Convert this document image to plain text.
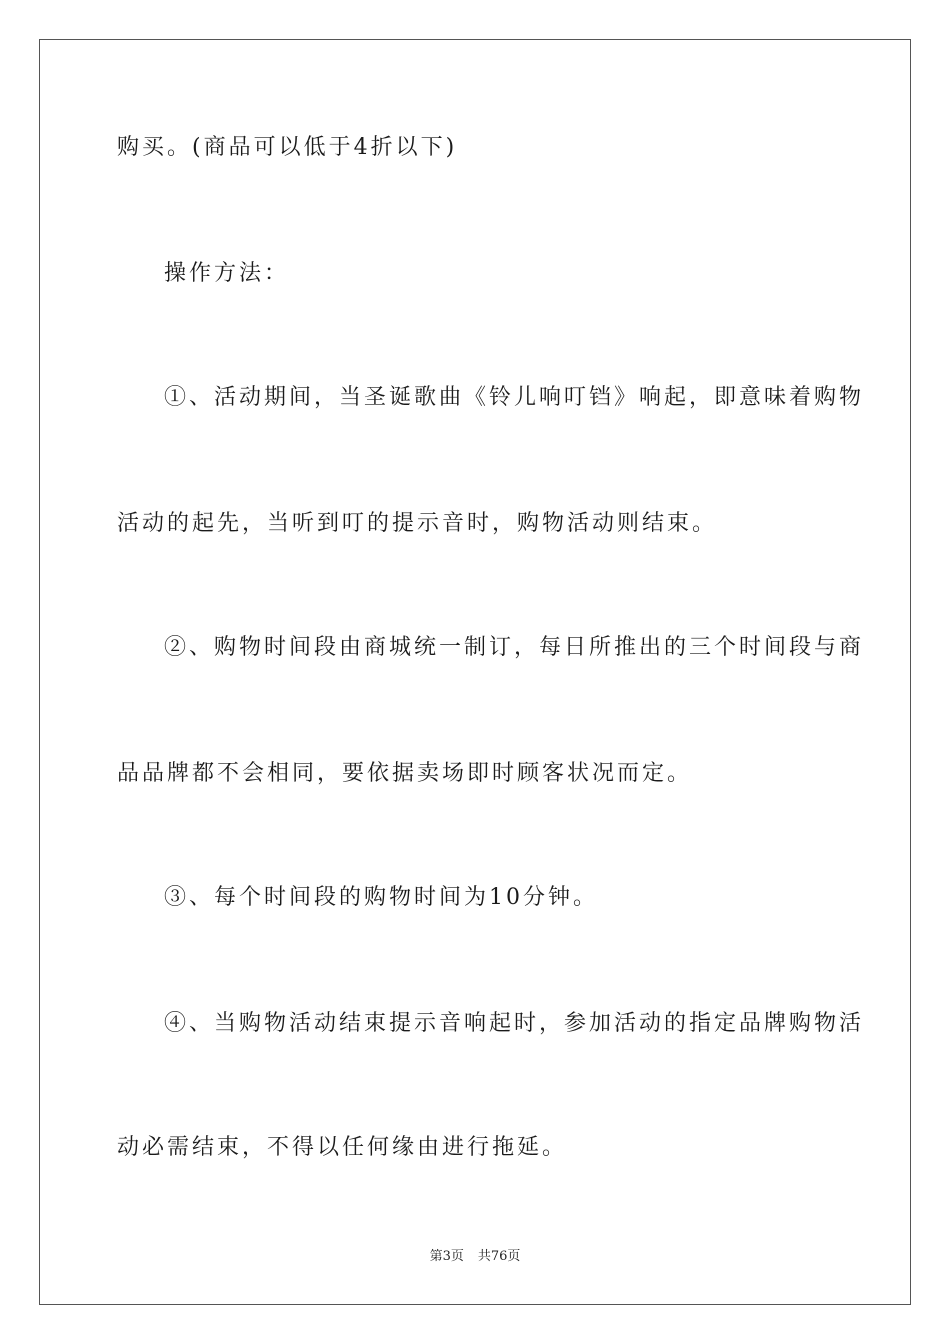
购买。(商品可以低于4折以下)
操作方法：
①、活动期间，当圣诞歌曲《铃儿响叮铛》响起，即意味着购物
活动的起先，当听到叮的提示音时，购物活动则结束。
②、购物时间段由商城统一制订，每日所推出的三个时间段与商
品品牌都不会相同，要依据卖场即时顾客状况而定。
③、每个时间段的购物时间为10分钟。
④、当购物活动结束提示音响起时，参加活动的指定品牌购物活
动必需结束，不得以任何缘由进行拖延。
第3页 共76页
